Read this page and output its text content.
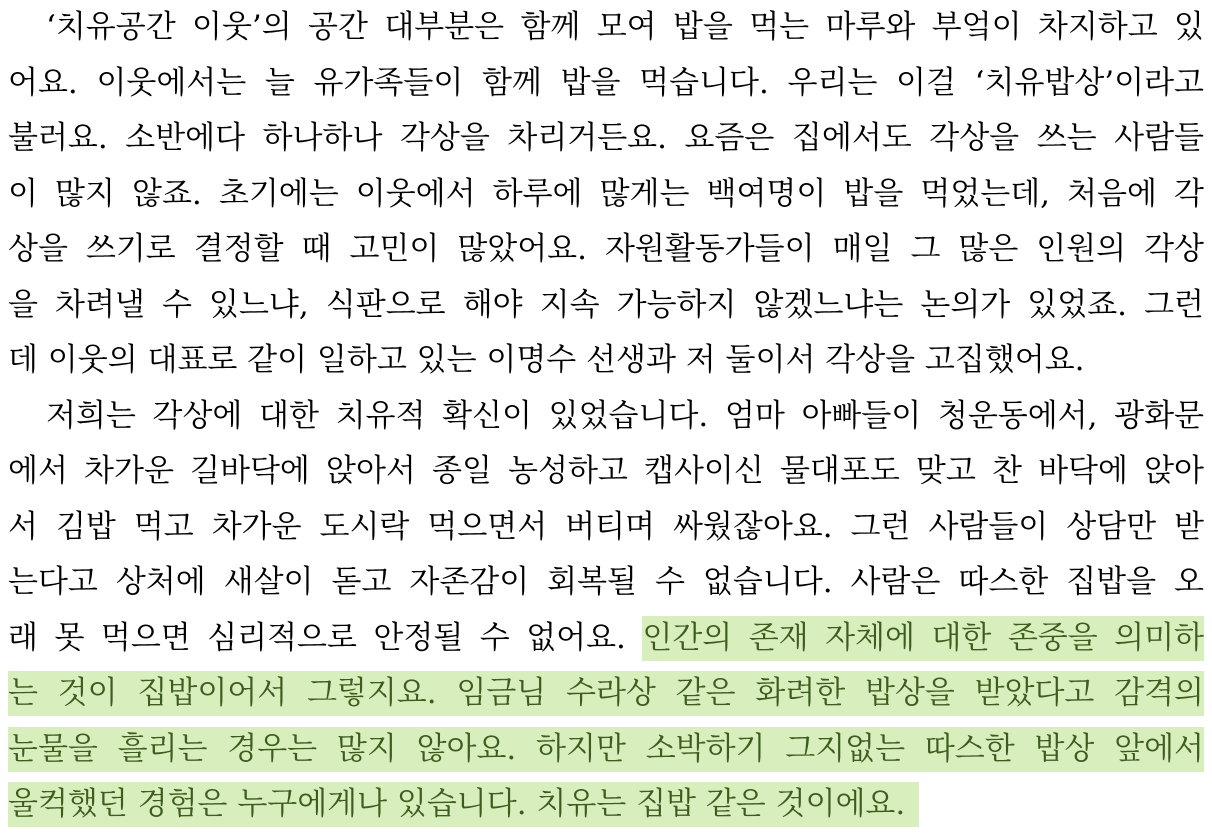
‘치유공간 이웃’의 공간 대부분은 함께 모여 밥을 먹는 마루와 부엌이 차지하고 있
어요. 이웃에서는 늘 유가족들이 함께 밥을 먹습니다. 우리는 이걸 ‘치유밥상’이라고
불러요. 소반에다 하나하나 각상을 차리거든요. 요즘은 집에서도 각상을 쓰는 사람들
이 많지 않죠. 초기에는 이웃에서 하루에 많게는 백여명이 밥을 먹었는데, 처음에 각
상을 쓰기로 결정할 때 고민이 많았어요. 자원활동가들이 매일 그 많은 인원의 각상
을 차려낼 수 있느냐, 식판으로 해야 지속 가능하지 않겠느냐는 논의가 있었죠. 그런
데 이웃의 대표로 같이 일하고 있는 이명수 선생과 저 둘이서 각상을 고집했어요.
저희는 각상에 대한 치유적 확신이 있었습니다. 엄마 아빠들이 청운동에서, 광화문
에서 차가운 길바닥에 앉아서 종일 농성하고 캡사이신 물대포도 맞고 찬 바닥에 앉아
서 김밥 먹고 차가운 도시락 먹으면서 버티며 싸웠잖아요. 그런 사람들이 상담만 받
는다고 상처에 새살이 돋고 자존감이 회복될 수 없습니다. 사람은 따스한 집밥을 오
래 못 먹으면 심리적으로 안정될 수 없어요. 인간의 존재 자체에 대한 존중을 의미하
는 것이 집밥이어서 그렇지요. 임금님 수라상 같은 화려한 밥상을 받았다고 감격의
눈물을 흘리는 경우는 많지 않아요. 하지만 소박하기 그지없는 따스한 밥상 앞에서
울컥했던 경험은 누구에게나 있습니다. 치유는 집밥 같은 것이에요.
